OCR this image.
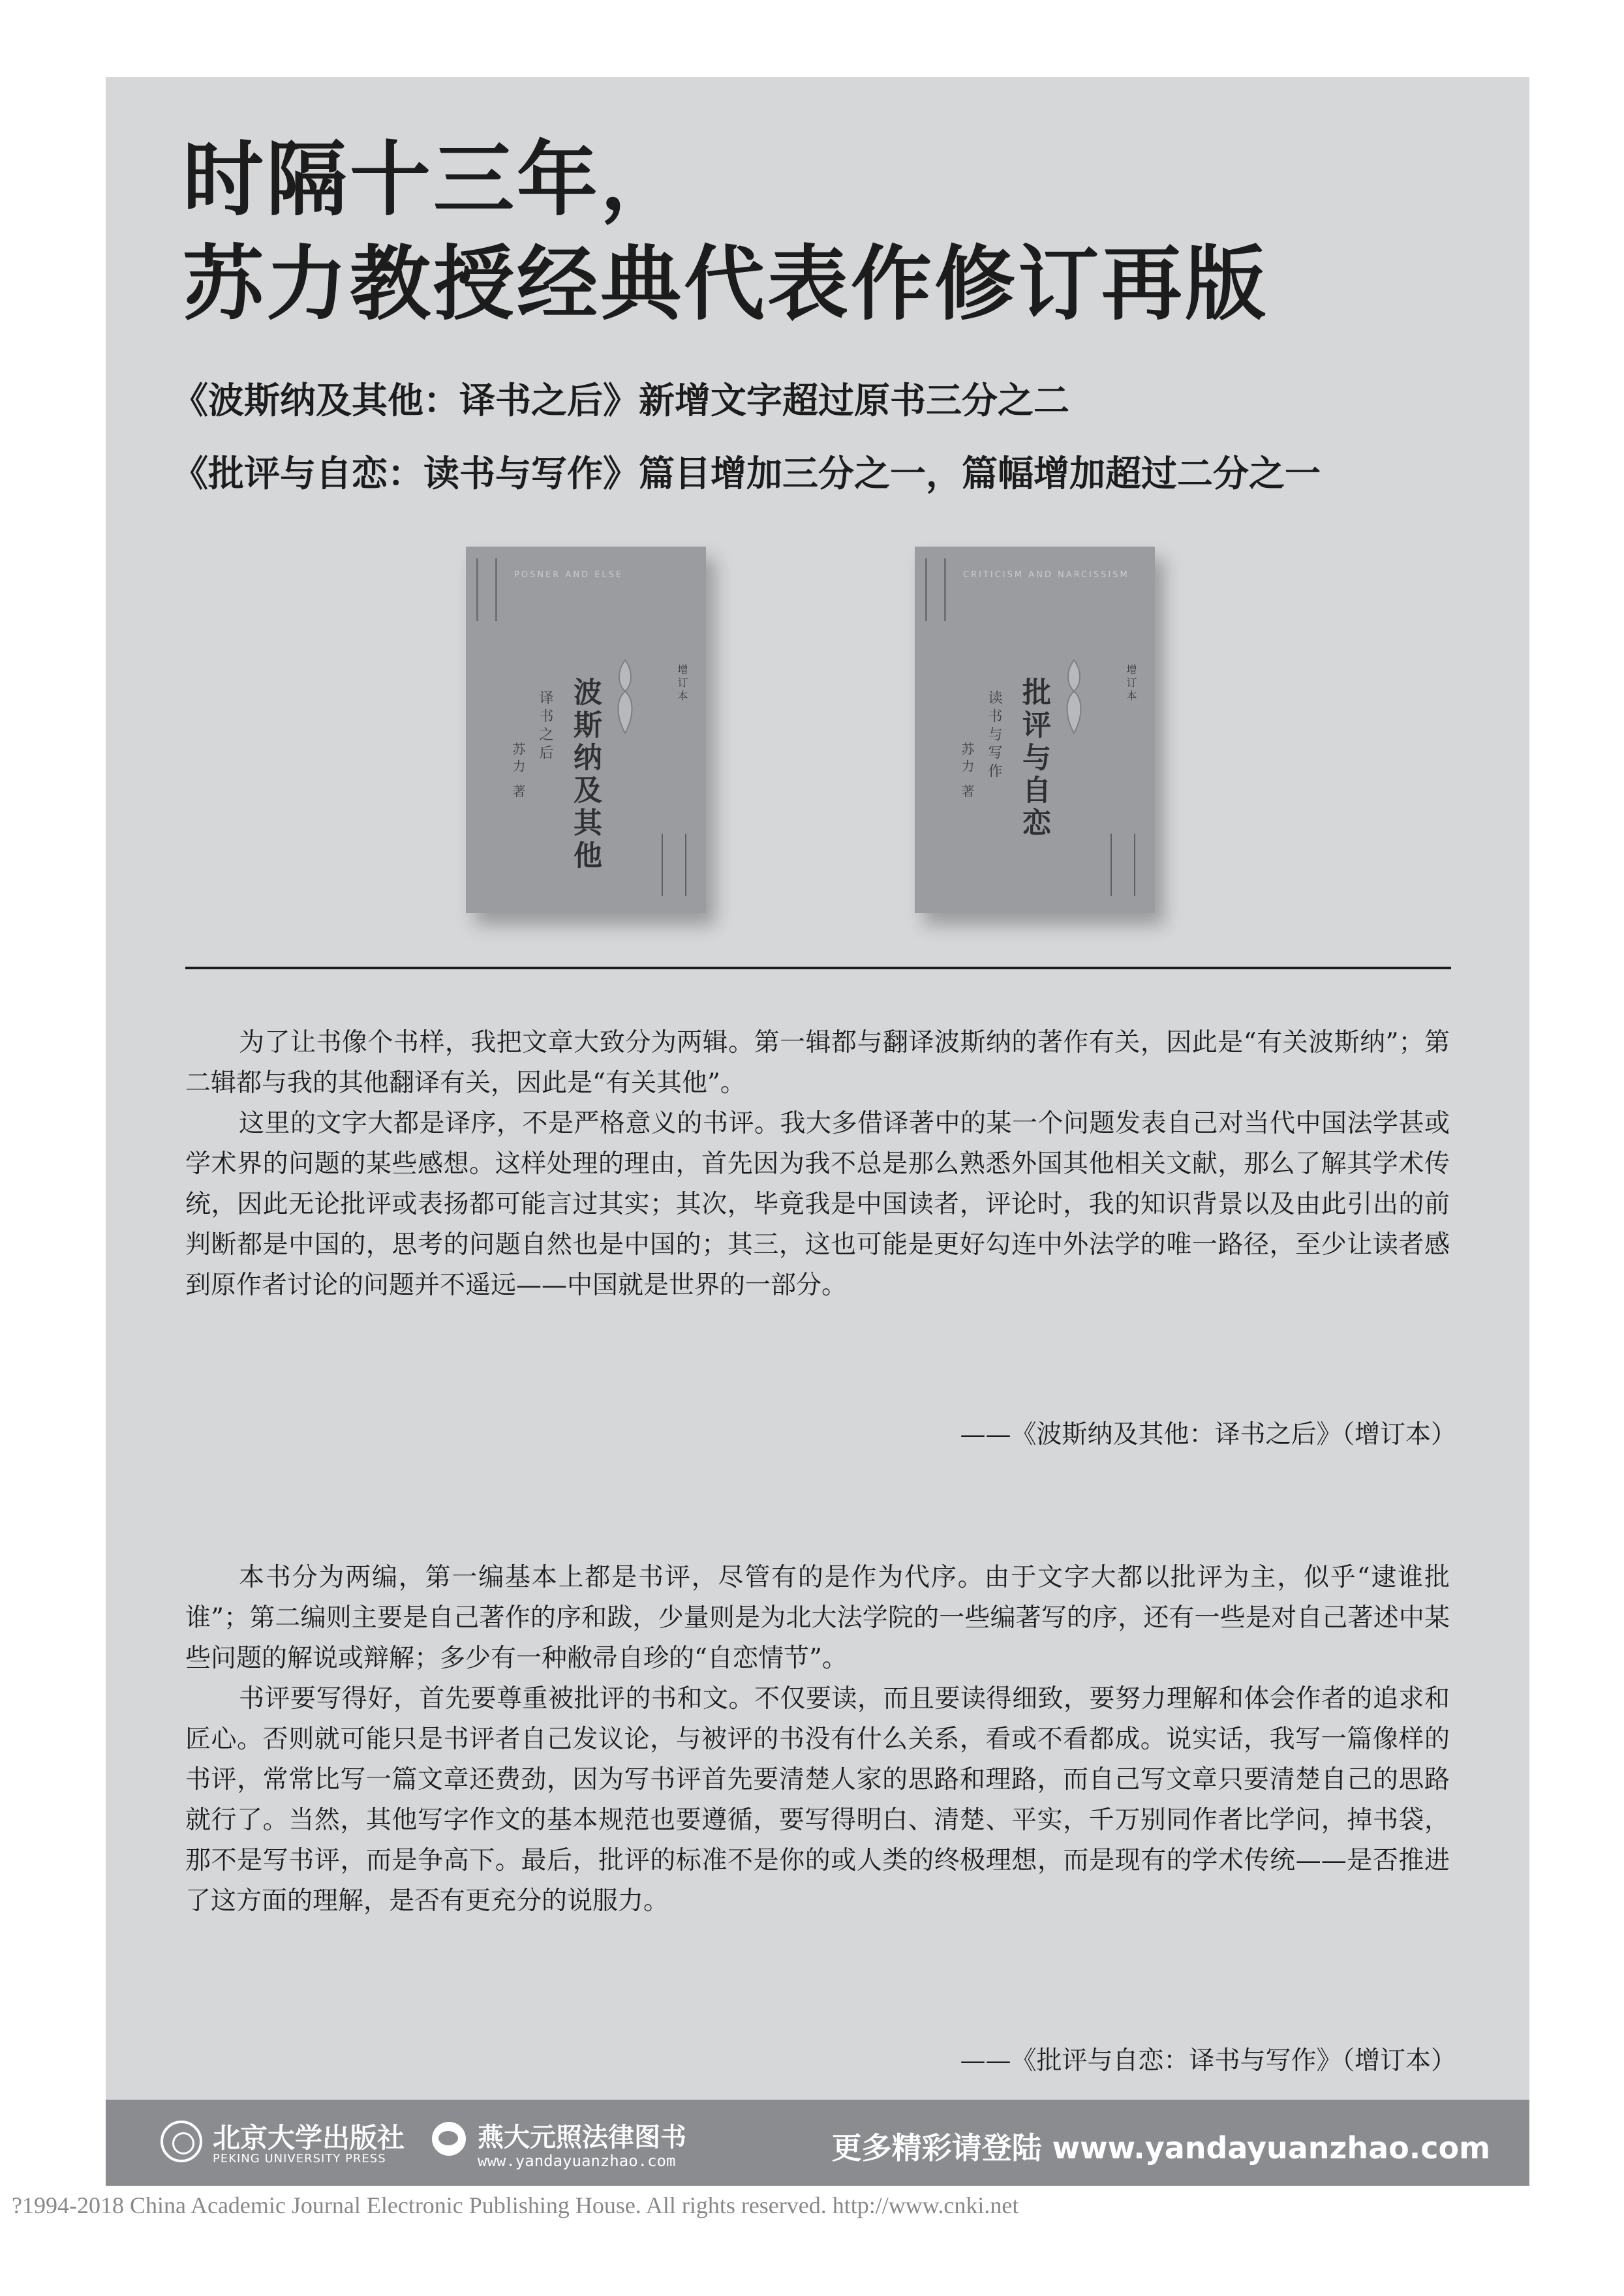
时隔十三年，
苏力教授经典代表作修订再版
《波斯纳及其他：译书之后》新增文字超过原书三分之二
《批评与自恋：读书与写作》篇目增加三分之一，篇幅增加超过二分之一
POSNER AND ELSE
增订本
波斯纳及其他
译书之后
苏力 著
CRITICISM AND NARCISSISM
增订本
批评与自恋
读书与写作
苏力 著

为了让书像个书样，我把文章大致分为两辑。第一辑都与翻译波斯纳的著作有关，因此是“有关波斯纳”；第二辑都与我的其他翻译有关，因此是“有关其他”。

这里的文字大都是译序，不是严格意义的书评。我大多借译著中的某一个问题发表自己对当代中国法学甚或学术界的问题的某些感想。这样处理的理由，首先因为我不总是那么熟悉外国其他相关文献，那么了解其学术传统，因此无论批评或表扬都可能言过其实；其次，毕竟我是中国读者，评论时，我的知识背景以及由此引出的前判断都是中国的，思考的问题自然也是中国的；其三，这也可能是更好勾连中外法学的唯一路径，至少让读者感到原作者讨论的问题并不遥远——中国就是世界的一部分。

——《波斯纳及其他：译书之后》（增订本）

本书分为两编，第一编基本上都是书评，尽管有的是作为代序。由于文字大都以批评为主，似乎“逮谁批谁”；第二编则主要是自己著作的序和跋，少量则是为北大法学院的一些编著写的序，还有一些是对自己著述中某些问题的解说或辩解；多少有一种敝帚自珍的“自恋情节”。

书评要写得好，首先要尊重被批评的书和文。不仅要读，而且要读得细致，要努力理解和体会作者的追求和匠心。否则就可能只是书评者自己发议论，与被评的书没有什么关系，看或不看都成。说实话，我写一篇像样的书评，常常比写一篇文章还费劲，因为写书评首先要清楚人家的思路和理路，而自己写文章只要清楚自己的思路就行了。当然，其他写字作文的基本规范也要遵循，要写得明白、清楚、平实，千万别同作者比学问，掉书袋，那不是写书评，而是争高下。最后，批评的标准不是你的或人类的终极理想，而是现有的学术传统——是否推进了这方面的理解，是否有更充分的说服力。

——《批评与自恋：译书与写作》（增订本）
北京大学出版社
PEKING UNIVERSITY PRESS
燕大元照法律图书
www.yandayuanzhao.com	更多精彩请登陆 www.yandayuanzhao.com
?1994-2018 China Academic Journal Electronic Publishing House. All rights reserved. http://www.cnki.net
